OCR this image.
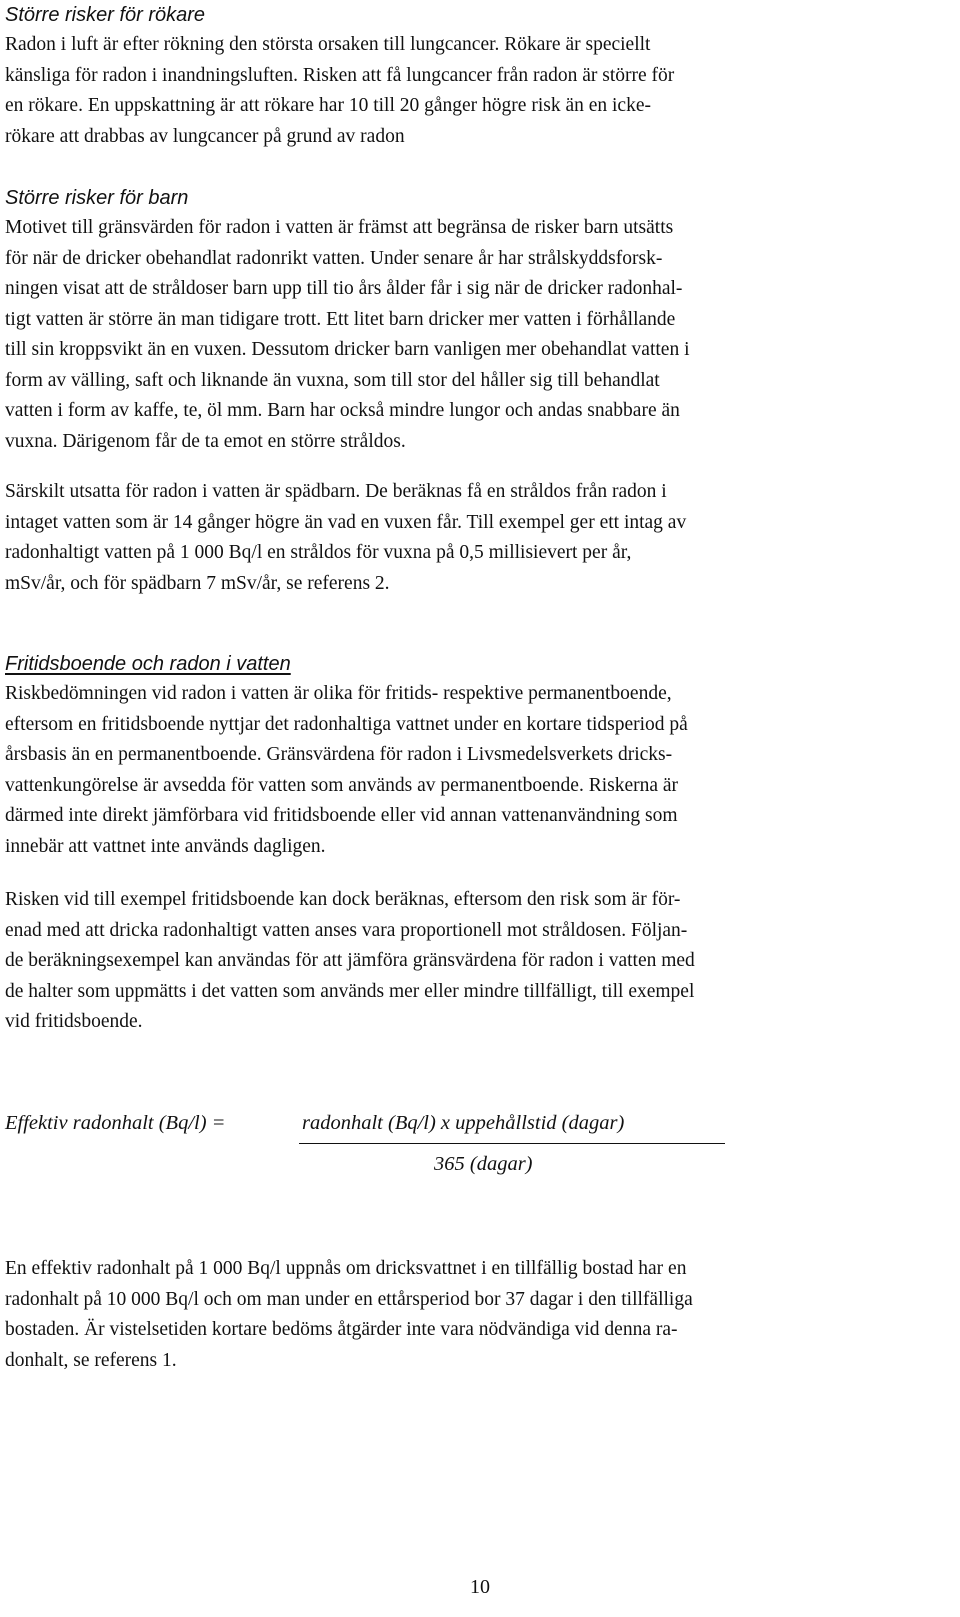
Större risker för rökare
Radon i luft är efter rökning den största orsaken till lungcancer. Rökare är speciellt
känsliga för radon i inandningsluften. Risken att få lungcancer från radon är större för
en rökare. En uppskattning är att rökare har 10 till 20 gånger högre risk än en icke-
rökare att drabbas av lungcancer på grund av radon
Större risker för barn
Motivet till gränsvärden för radon i vatten är främst att begränsa de risker barn utsätts
för när de dricker obehandlat radonrikt vatten. Under senare år har strålskyddsforsk-
ningen visat att de stråldoser barn upp till tio års ålder får i sig när de dricker radonhal-
tigt vatten är större än man tidigare trott. Ett litet barn dricker mer vatten i förhållande
till sin kroppsvikt än en vuxen. Dessutom dricker barn vanligen mer obehandlat vatten i
form av välling, saft och liknande än vuxna, som till stor del håller sig till behandlat
vatten i form av kaffe, te, öl mm. Barn har också mindre lungor och andas snabbare än
vuxna. Därigenom får de ta emot en större stråldos.
Särskilt utsatta för radon i vatten är spädbarn. De beräknas få en stråldos från radon i
intaget vatten som är 14 gånger högre än vad en vuxen får. Till exempel ger ett intag av
radonhaltigt vatten på 1 000 Bq/l en stråldos för vuxna på 0,5 millisievert per år,
mSv/år, och för spädbarn 7 mSv/år, se referens 2.
Fritidsboende och radon i vatten
Riskbedömningen vid radon i vatten är olika för fritids- respektive permanentboende,
eftersom en fritidsboende nyttjar det radonhaltiga vattnet under en kortare tidsperiod på
årsbasis än en permanentboende. Gränsvärdena för radon i Livsmedelsverkets dricks-
vattenkungörelse är avsedda för vatten som används av permanentboende. Riskerna är
därmed inte direkt jämförbara vid fritidsboende eller vid annan vattenanvändning som
innebär att vattnet inte används dagligen.
Risken vid till exempel fritidsboende kan dock beräknas, eftersom den risk som är för-
enad med att dricka radonhaltigt vatten anses vara proportionell mot stråldosen. Följan-
de beräkningsexempel kan användas för att jämföra gränsvärdena för radon i vatten med
de halter som uppmätts i det vatten som används mer eller mindre tillfälligt, till exempel
vid fritidsboende.
Effektiv radonhalt (Bq/l) =	radonhalt (Bq/l) x uppehållstid (dagar)
365 (dagar)
En effektiv radonhalt på 1 000 Bq/l uppnås om dricksvattnet i en tillfällig bostad har en
radonhalt på 10 000 Bq/l och om man under en ettårsperiod bor 37 dagar i den tillfälliga
bostaden. Är vistelsetiden kortare bedöms åtgärder inte vara nödvändiga vid denna ra-
donhalt, se referens 1.
10
